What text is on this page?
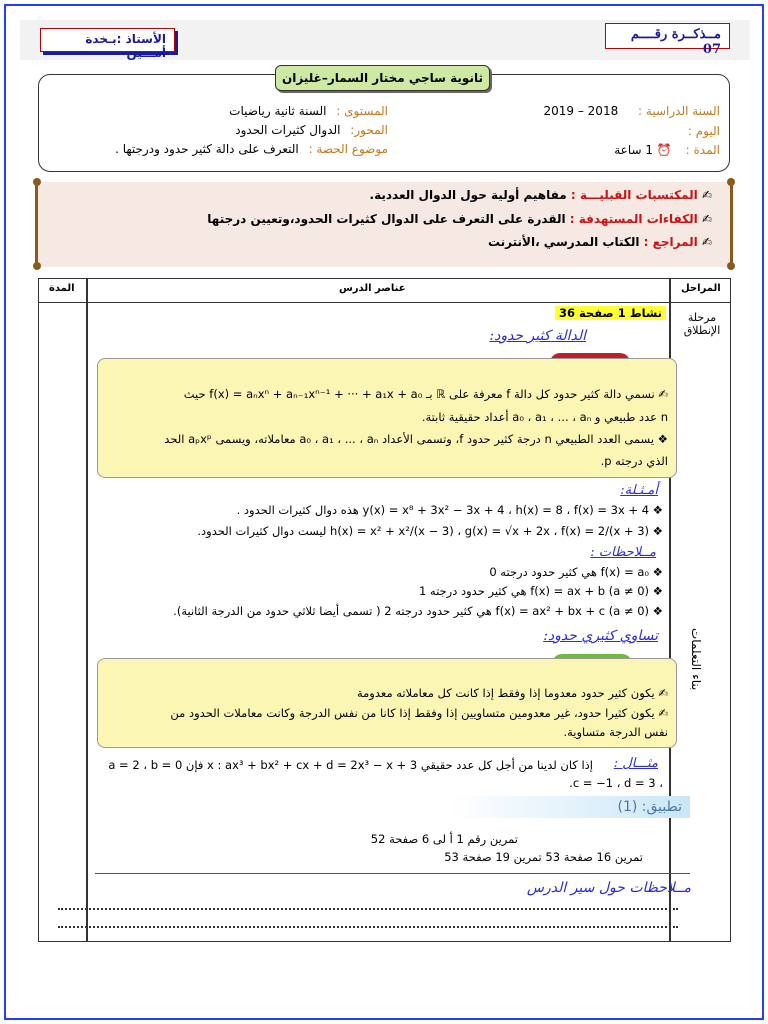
مــذكــرة رقــــم 07
الأستاذ :بـخدة أمـــين
ثانوية ساجي مختار السمار–غليزان
السنة الدراسية : 2018 – 2019
اليوم :
المدة : ⏰ 1 ساعة
المستوى : السنة ثانية رياضيات
المحور: الدوال كثيرات الحدود
موضوع الحصة : التعرف على دالة كثير حدود ودرجتها .
✍ المكتسبات القبليـــة : مفاهيم أولية حول الدوال العددية.
✍ الكفاءات المستهدفة : القدرة على التعرف على الدوال كثيرات الحدود،وتعيين درجتها
✍ المراجع : الكتاب المدرسي ،الأنترنت
المدة	عناصر الدرس	المراحل
مرحلة الإنطلاق
بناء التعلمات
نشاط 1 صفحة 36
الدالة كثير حدود:
✍ نسمي دالة كثير حدود كل دالة f معرفة على ℝ بـ f(x) = aₙxⁿ + aₙ₋₁xⁿ⁻¹ + ··· + a₁x + a₀ حيث
n عدد طبيعي و a₀ ، a₁ ، ... ، aₙ أعداد حقيقية ثابتة.
❖ يسمى العدد الطبيعي n درجة كثير حدود f، وتسمى الأعداد a₀ ، a₁ ، ... ، aₙ معاملاته، ويسمى aₚxᵖ الحد
الذي درجته p.
أمـثـلة:
❖ y(x) = x⁸ + 3x² − 3x + 4 ، h(x) = 8 ، f(x) = 3x + 4 هذه دوال كثيرات الحدود .
❖ h(x) = x² + x²/(x − 3) ، g(x) = √x + 2x ، f(x) = 2/(x + 3) ليست دوال كثيرات الحدود.
مــلاحظات :
❖ f(x) = a₀ هي كثير حدود درجته 0
❖ f(x) = ax + b (a ≠ 0) هي كثير حدود درجته 1
❖ f(x) = ax² + bx + c (a ≠ 0) هي كثير حدود درجته 2 ( تسمى أيضا ثلاثي حدود من الدرجة الثانية).
تساوي كثيري حدود:
✍ يكون كثير حدود معدوما إذا وفقط إذا كانت كل معاملاته معدومة
✍ يكون كثيرا حدود، غير معدومين متساويين إذا وفقط إذا كانا من نفس الدرجة وكانت معاملات الحدود من
نفس الدرجة متساوية.
مثـــال :
إذا كان لدينا من أجل كل عدد حقيقي x : ax³ + bx² + cx + d = 2x³ − x + 3 فإن a = 2 ، b = 0
، c = −1 ، d = 3.
تطبيق: (1)
تمرين رقم 1 أ لى 6 صفحة 52
تمرين 16 صفحة 53 تمرين 19 صفحة 53
مــلاحظات حول سير الدرس
